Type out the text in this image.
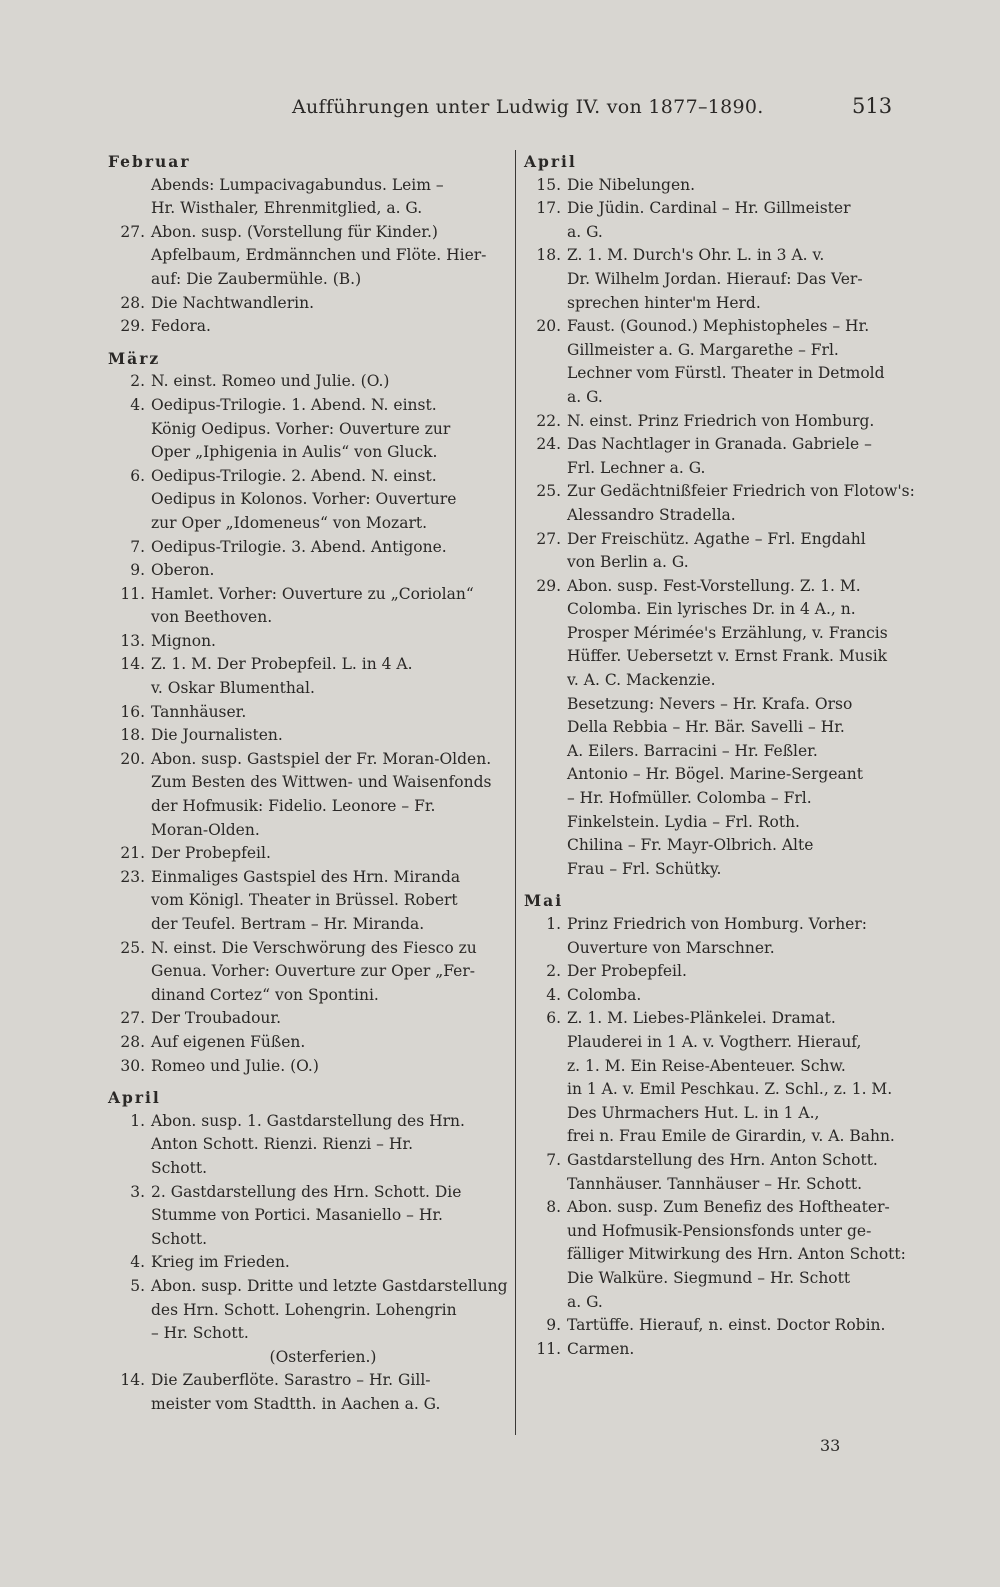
Aufführungen unter Ludwig IV. von 1877–1890.	513
Februar
Abends: Lumpacivagabundus. Leim –
Hr. Wisthaler, Ehrenmitglied, a. G.
27. Abon. susp. (Vorstellung für Kinder.)
Apfelbaum, Erdmännchen und Flöte. Hier-
auf: Die Zaubermühle. (B.)
28. Die Nachtwandlerin.
29. Fedora.
März
2. N. einst. Romeo und Julie. (O.)
4. Oedipus-Trilogie. 1. Abend. N. einst.
König Oedipus. Vorher: Ouverture zur
Oper „Iphigenia in Aulis“ von Gluck.
6. Oedipus-Trilogie. 2. Abend. N. einst.
Oedipus in Kolonos. Vorher: Ouverture
zur Oper „Idomeneus“ von Mozart.
7. Oedipus-Trilogie. 3. Abend. Antigone.
9. Oberon.
11. Hamlet. Vorher: Ouverture zu „Coriolan“
von Beethoven.
13. Mignon.
14. Z. 1. M. Der Probepfeil. L. in 4 A.
v. Oskar Blumenthal.
16. Tannhäuser.
18. Die Journalisten.
20. Abon. susp. Gastspiel der Fr. Moran-Olden.
Zum Besten des Wittwen- und Waisenfonds
der Hofmusik: Fidelio. Leonore – Fr.
Moran-Olden.
21. Der Probepfeil.
23. Einmaliges Gastspiel des Hrn. Miranda
vom Königl. Theater in Brüssel. Robert
der Teufel. Bertram – Hr. Miranda.
25. N. einst. Die Verschwörung des Fiesco zu
Genua. Vorher: Ouverture zur Oper „Fer-
dinand Cortez“ von Spontini.
27. Der Troubadour.
28. Auf eigenen Füßen.
30. Romeo und Julie. (O.)
April
1. Abon. susp. 1. Gastdarstellung des Hrn.
Anton Schott. Rienzi. Rienzi – Hr.
Schott.
3. 2. Gastdarstellung des Hrn. Schott. Die
Stumme von Portici. Masaniello – Hr.
Schott.
4. Krieg im Frieden.
5. Abon. susp. Dritte und letzte Gastdarstellung
des Hrn. Schott. Lohengrin. Lohengrin
– Hr. Schott.
(Osterferien.)
14. Die Zauberflöte. Sarastro – Hr. Gill-
meister vom Stadtth. in Aachen a. G.
April
15. Die Nibelungen.
17. Die Jüdin. Cardinal – Hr. Gillmeister
a. G.
18. Z. 1. M. Durch's Ohr. L. in 3 A. v.
Dr. Wilhelm Jordan. Hierauf: Das Ver-
sprechen hinter'm Herd.
20. Faust. (Gounod.) Mephistopheles – Hr.
Gillmeister a. G. Margarethe – Frl.
Lechner vom Fürstl. Theater in Detmold
a. G.
22. N. einst. Prinz Friedrich von Homburg.
24. Das Nachtlager in Granada. Gabriele –
Frl. Lechner a. G.
25. Zur Gedächtnißfeier Friedrich von Flotow's:
Alessandro Stradella.
27. Der Freischütz. Agathe – Frl. Engdahl
von Berlin a. G.
29. Abon. susp. Fest-Vorstellung. Z. 1. M.
Colomba. Ein lyrisches Dr. in 4 A., n.
Prosper Mérimée's Erzählung, v. Francis
Hüffer. Uebersetzt v. Ernst Frank. Musik
v. A. C. Mackenzie.
Besetzung: Nevers – Hr. Krafa. Orso
Della Rebbia – Hr. Bär. Savelli – Hr.
A. Eilers. Barracini – Hr. Feßler.
Antonio – Hr. Bögel. Marine-Sergeant
– Hr. Hofmüller. Colomba – Frl.
Finkelstein. Lydia – Frl. Roth.
Chilina – Fr. Mayr-Olbrich. Alte
Frau – Frl. Schütky.
Mai
1. Prinz Friedrich von Homburg. Vorher:
Ouverture von Marschner.
2. Der Probepfeil.
4. Colomba.
6. Z. 1. M. Liebes-Plänkelei. Dramat.
Plauderei in 1 A. v. Vogtherr. Hierauf,
z. 1. M. Ein Reise-Abenteuer. Schw.
in 1 A. v. Emil Peschkau. Z. Schl., z. 1. M.
Des Uhrmachers Hut. L. in 1 A.,
frei n. Frau Emile de Girardin, v. A. Bahn.
7. Gastdarstellung des Hrn. Anton Schott.
Tannhäuser. Tannhäuser – Hr. Schott.
8. Abon. susp. Zum Benefiz des Hoftheater-
und Hofmusik-Pensionsfonds unter ge-
fälliger Mitwirkung des Hrn. Anton Schott:
Die Walküre. Siegmund – Hr. Schott
a. G.
9. Tartüffe. Hierauf, n. einst. Doctor Robin.
11. Carmen.
33
